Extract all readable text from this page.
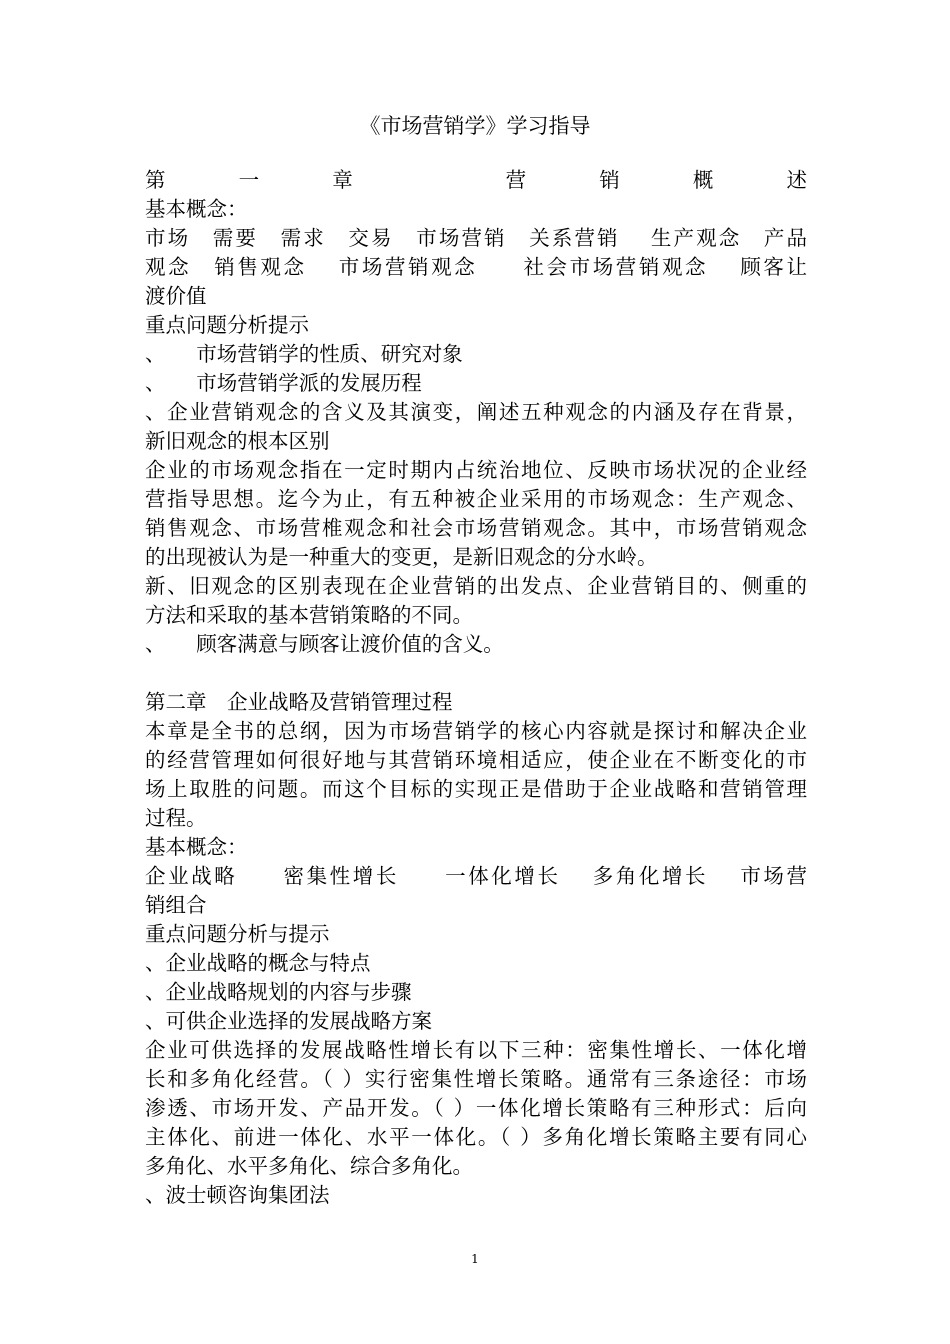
《市场营销学》学习指导
第一章 营销概述
基本概念：
市场　需要　需求　交易　市场营销　关系营销　 生产观念　产品
观念　销售观念　 市场营销观念　　社会市场营销观念　 顾客让
渡价值
重点问题分析提示
、　　市场营销学的性质、研究对象
、　　市场营销学派的发展历程
、企业营销观念的含义及其演变，阐述五种观念的内涵及存在背景，
新旧观念的根本区别
企业的市场观念指在一定时期内占统治地位、反映市场状况的企业经
营指导思想。迄今为止，有五种被企业采用的市场观念：生产观念、
销售观念、市场营椎观念和社会市场营销观念。其中，市场营销观念
的出现被认为是一种重大的变更，是新旧观念的分水岭。
新、旧观念的区别表现在企业营销的出发点、企业营销目的、侧重的
方法和采取的基本营销策略的不同。
、　　顾客满意与顾客让渡价值的含义。
第二章　企业战略及营销管理过程
本章是全书的总纲，因为市场营销学的核心内容就是探讨和解决企业
的经营管理如何很好地与其营销环境相适应，使企业在不断变化的市
场上取胜的问题。而这个目标的实现正是借助于企业战略和营销管理
过程。
基本概念：
企业战略　　密集性增长　　一体化增长　 多角化增长　 市场营
销组合
重点问题分析与提示
、企业战略的概念与特点
、企业战略规划的内容与步骤
、可供企业选择的发展战略方案
企业可供选择的发展战略性增长有以下三种：密集性增长、一体化增
长和多角化经营。（ ）实行密集性增长策略。通常有三条途径：市场
渗透、市场开发、产品开发。（ ）一体化增长策略有三种形式：后向
主体化、前进一体化、水平一体化。（ ）多角化增长策略主要有同心
多角化、水平多角化、综合多角化。
、波士顿咨询集团法
1
